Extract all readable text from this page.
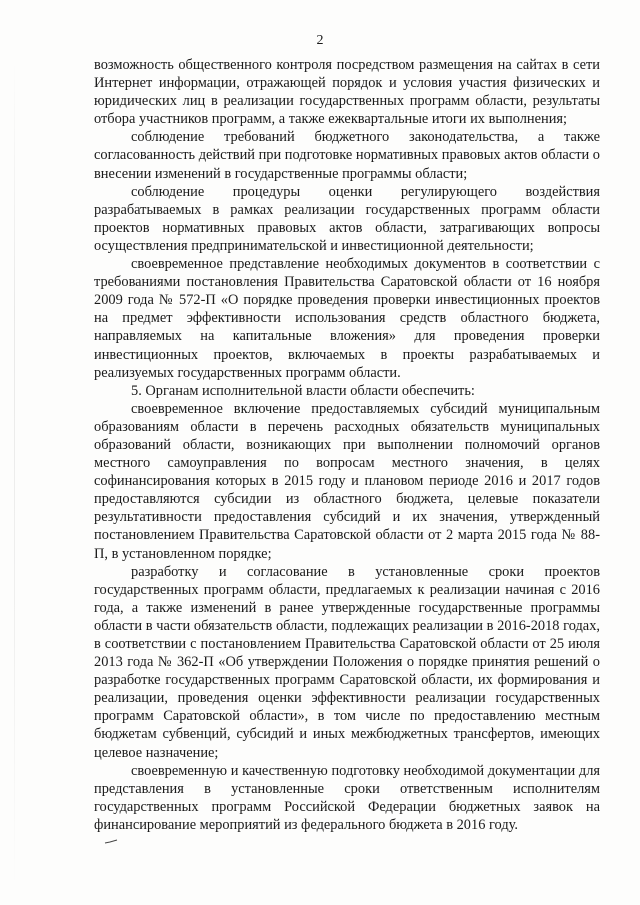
2

возможность общественного контроля посредством размещения на сайтах в сети Интернет информации, отражающей порядок и условия участия физических и юридических лиц в реализации государственных программ области, результаты отбора участников программ, а также ежеквартальные итоги их выполнения;

соблюдение требований бюджетного законодательства, а также согласованность действий при подготовке нормативных правовых актов области о внесении изменений в государственные программы области;

соблюдение процедуры оценки регулирующего воздействия разрабатываемых в рамках реализации государственных программ области проектов нормативных правовых актов области, затрагивающих вопросы осуществления предпринимательской и инвестиционной деятельности;

своевременное представление необходимых документов в соответствии с требованиями постановления Правительства Саратовской области от 16 ноября 2009 года № 572-П «О порядке проведения проверки инвестиционных проектов на предмет эффективности использования средств областного бюджета, направляемых на капитальные вложения» для проведения проверки инвестиционных проектов, включаемых в проекты разрабатываемых и реализуемых государственных программ области.

5. Органам исполнительной власти области обеспечить:

своевременное включение предоставляемых субсидий муниципальным образованиям области в перечень расходных обязательств муниципальных образований области, возникающих при выполнении полномочий органов местного самоуправления по вопросам местного значения, в целях софинансирования которых в 2015 году и плановом периоде 2016 и 2017 годов предоставляются субсидии из областного бюджета, целевые показатели результативности предоставления субсидий и их значения, утвержденный постановлением Правительства Саратовской области от 2 марта 2015 года № 88-П, в установленном порядке;

разработку и согласование в установленные сроки проектов государственных программ области, предлагаемых к реализации начиная с 2016 года, а также изменений в ранее утвержденные государственные программы области в части обязательств области, подлежащих реализации в 2016-2018 годах, в соответствии с постановлением Правительства Саратовской области от 25 июля 2013 года № 362-П «Об утверждении Положения о порядке принятия решений о разработке государственных программ Саратовской области, их формирования и реализации, проведения оценки эффективности реализации государственных программ Саратовской области», в том числе по предоставлению местным бюджетам субвенций, субсидий и иных межбюджетных трансфертов, имеющих целевое назначение;

своевременную и качественную подготовку необходимой документации для представления в установленные сроки ответственным исполнителям государственных программ Российской Федерации бюджетных заявок на финансирование мероприятий из федерального бюджета в 2016 году.
